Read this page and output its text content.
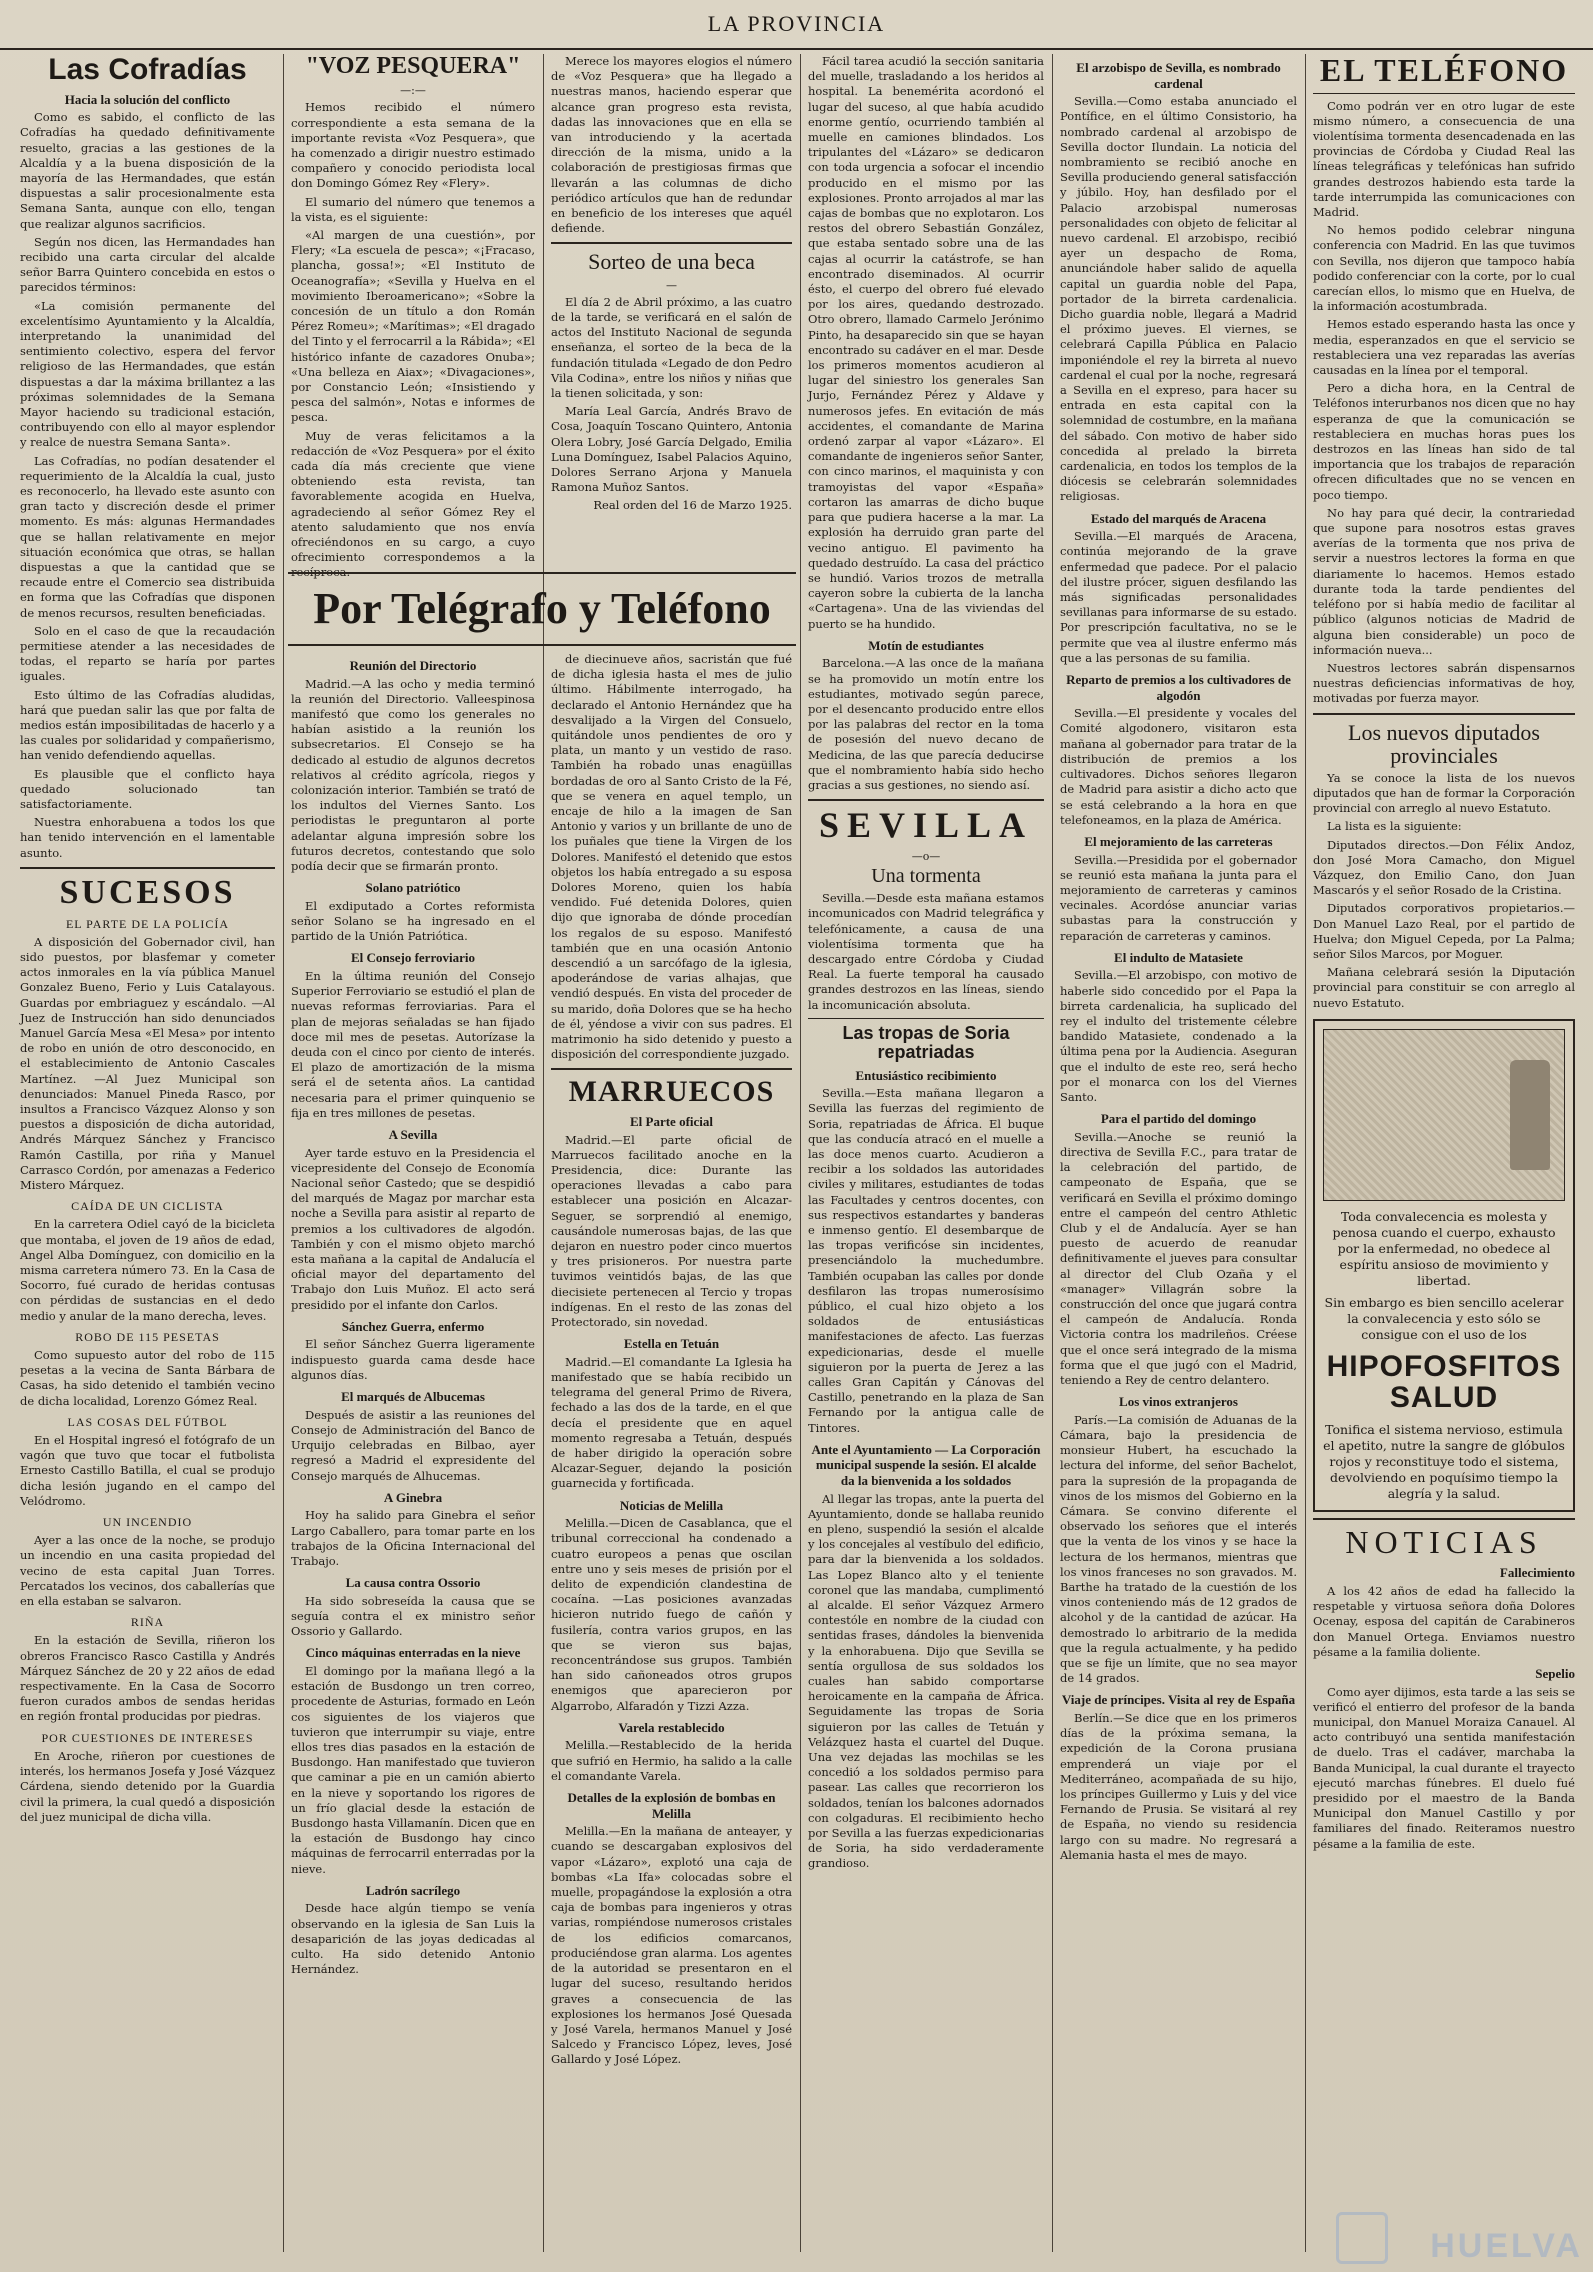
LA PROVINCIA
Las Cofradías
Hacia la solución del conflicto

Como es sabido, el conflicto de las Cofradías ha quedado definitivamente resuelto, gracias a las gestiones de la Alcaldía y a la buena disposición de la mayoría de las Hermandades, que están dispuestas a salir procesionalmente esta Semana Santa, aunque con ello, tengan que realizar algunos sacrificios.

Según nos dicen, las Hermandades han recibido una carta circular del alcalde señor Barra Quintero concebida en estos o parecidos términos:

«La comisión permanente del excelentísimo Ayuntamiento y la Alcaldía, interpretando la unanimidad del sentimiento colectivo, espera del fervor religioso de las Hermandades, que están dispuestas a dar la máxima brillantez a las próximas solemnidades de la Semana Mayor haciendo su tradicional estación, contribuyendo con ello al mayor esplendor y realce de nuestra Semana Santa».

Las Cofradías, no podían desatender el requerimiento de la Alcaldía la cual, justo es reconocerlo, ha llevado este asunto con gran tacto y discreción desde el primer momento. Es más: algunas Hermandades que se hallan relativamente en mejor situación económica que otras, se hallan dispuestas a que la cantidad que se recaude entre el Comercio sea distribuida en forma que las Cofradías que disponen de menos recursos, resulten beneficiadas.

Solo en el caso de que la recaudación permitiese atender a las necesidades de todas, el reparto se haría por partes iguales.

Esto último de las Cofradías aludidas, hará que puedan salir las que por falta de medios están imposibilitadas de hacerlo y a las cuales por solidaridad y compañerismo, han venido defendiendo aquellas.

Es plausible que el conflicto haya quedado solucionado tan satisfactoriamente.

Nuestra enhorabuena a todos los que han tenido intervención en el lamentable asunto.

SUCESOS
EL PARTE DE LA POLICÍA

A disposición del Gobernador civil, han sido puestos, por blasfemar y cometer actos inmorales en la vía pública Manuel Gonzalez Bueno, Ferio y Luis Catalayous. Guardas por embriaguez y escándalo. —Al Juez de Instrucción han sido denunciados Manuel García Mesa «El Mesa» por intento de robo en unión de otro desconocido, en el establecimiento de Antonio Cascales Martínez. —Al Juez Municipal son denunciados: Manuel Pineda Rasco, por insultos a Francisco Vázquez Alonso y son puestos a disposición de dicha autoridad, Andrés Márquez Sánchez y Francisco Ramón Castilla, por riña y Manuel Carrasco Cordón, por amenazas a Federico Mistero Márquez.

CAÍDA DE UN CICLISTA

En la carretera Odiel cayó de la bicicleta que montaba, el joven de 19 años de edad, Angel Alba Domínguez, con domicilio en la misma carretera número 73. En la Casa de Socorro, fué curado de heridas contusas con pérdidas de sustancias en el dedo medio y anular de la mano derecha, leves.

ROBO DE 115 PESETAS

Como supuesto autor del robo de 115 pesetas a la vecina de Santa Bárbara de Casas, ha sido detenido el también vecino de dicha localidad, Lorenzo Gómez Real.

LAS COSAS DEL FÚTBOL

En el Hospital ingresó el fotógrafo de un vagón que tuvo que tocar el futbolista Ernesto Castillo Batilla, el cual se produjo dicha lesión jugando en el campo del Velódromo.

UN INCENDIO

Ayer a las once de la noche, se produjo un incendio en una casita propiedad del vecino de esta capital Juan Torres. Percatados los vecinos, dos caballerías que en ella estaban se salvaron.

RIÑA

En la estación de Sevilla, riñeron los obreros Francisco Rasco Castilla y Andrés Márquez Sánchez de 20 y 22 años de edad respectivamente. En la Casa de Socorro fueron curados ambos de sendas heridas en región frontal producidas por piedras.

POR CUESTIONES DE INTERESES

En Aroche, riñeron por cuestiones de interés, los hermanos Josefa y José Vázquez Cárdena, siendo detenido por la Guardia civil la primera, la cual quedó a disposición del juez municipal de dicha villa.

"VOZ PESQUERA"
—:—

Hemos recibido el número correspondiente a esta semana de la importante revista «Voz Pesquera», que ha comenzado a dirigir nuestro estimado compañero y conocido periodista local don Domingo Gómez Rey «Flery».

El sumario del número que tenemos a la vista, es el siguiente:

«Al margen de una cuestión», por Flery; «La escuela de pesca»; «¡Fracaso, plancha, gossa!»; «El Instituto de Oceanografía»; «Sevilla y Huelva en el movimiento Iberoamericano»; «Sobre la concesión de un título a don Román Pérez Romeu»; «Marítimas»; «El dragado del Tinto y el ferrocarril a la Rábida»; «El histórico infante de cazadores Onuba»; «Una belleza en Aiax»; «Divagaciones», por Constancio León; «Insistiendo y pesca del salmón», Notas e informes de pesca.

Muy de veras felicitamos a la redacción de «Voz Pesquera» por el éxito cada día más creciente que viene obteniendo esta revista, tan favorablemente acogida en Huelva, agradeciendo al señor Gómez Rey el atento saludamiento que nos envía ofreciéndonos en su cargo, a cuyo ofrecimiento correspondemos a la recíproca.

Merece los mayores elogios el número de «Voz Pesquera» que ha llegado a nuestras manos, haciendo esperar que alcance gran progreso esta revista, dadas las innovaciones que en ella se van introduciendo y la acertada dirección de la misma, unido a la colaboración de prestigiosas firmas que llevarán a las columnas de dicho periódico artículos que han de redundar en beneficio de los intereses que aquél defiende.

Sorteo de una beca
—

El día 2 de Abril próximo, a las cuatro de la tarde, se verificará en el salón de actos del Instituto Nacional de segunda enseñanza, el sorteo de la beca de la fundación titulada «Legado de don Pedro Vila Codina», entre los niños y niñas que la tienen solicitada, y son:

María Leal García, Andrés Bravo de Cosa, Joaquín Toscano Quintero, Antonia Olera Lobry, José García Delgado, Emilia Luna Domínguez, Isabel Palacios Aquino, Dolores Serrano Arjona y Manuela Ramona Muñoz Santos.

Real orden del 16 de Marzo 1925.

Por Telégrafo y Teléfono
Reunión del Directorio

Madrid.—A las ocho y media terminó la reunión del Directorio. Valleespinosa manifestó que como los generales no habían asistido a la reunión los subsecretarios. El Consejo se ha dedicado al estudio de algunos decretos relativos al crédito agrícola, riegos y colonización interior. También se trató de los indultos del Viernes Santo. Los periodistas le preguntaron al porte adelantar alguna impresión sobre los futuros decretos, contestando que solo podía decir que se firmarán pronto.

Solano patriótico

El exdiputado a Cortes reformista señor Solano se ha ingresado en el partido de la Unión Patriótica.

El Consejo ferroviario

En la última reunión del Consejo Superior Ferroviario se estudió el plan de nuevas reformas ferroviarias. Para el plan de mejoras señaladas se han fijado doce mil mes de pesetas. Autorízase la deuda con el cinco por ciento de interés. El plazo de amortización de la misma será el de setenta años. La cantidad necesaria para el primer quinquenio se fija en tres millones de pesetas.

A Sevilla

Ayer tarde estuvo en la Presidencia el vicepresidente del Consejo de Economía Nacional señor Castedo; que se despidió del marqués de Magaz por marchar esta noche a Sevilla para asistir al reparto de premios a los cultivadores de algodón. También y con el mismo objeto marchó esta mañana a la capital de Andalucía el oficial mayor del departamento del Trabajo don Luis Muñoz. El acto será presidido por el infante don Carlos.

Sánchez Guerra, enfermo

El señor Sánchez Guerra ligeramente indispuesto guarda cama desde hace algunos días.

El marqués de Albucemas

Después de asistir a las reuniones del Consejo de Administración del Banco de Urquijo celebradas en Bilbao, ayer regresó a Madrid el expresidente del Consejo marqués de Alhucemas.

A Ginebra

Hoy ha salido para Ginebra el señor Largo Caballero, para tomar parte en los trabajos de la Oficina Internacional del Trabajo.

La causa contra Ossorio

Ha sido sobreseída la causa que se seguía contra el ex ministro señor Ossorio y Gallardo.

Cinco máquinas enterradas en la nieve

El domingo por la mañana llegó a la estación de Busdongo un tren correo, procedente de Asturias, formado en León cos siguientes de los viajeros que tuvieron que interrumpir su viaje, entre ellos tres dias pasados en la estación de Busdongo. Han manifestado que tuvieron que caminar a pie en un camión abierto en la nieve y soportando los rigores de un frío glacial desde la estación de Busdongo hasta Villamanín. Dicen que en la estación de Busdongo hay cinco máquinas de ferrocarril enterradas por la nieve.

Ladrón sacrílego

Desde hace algún tiempo se venía observando en la iglesia de San Luis la desaparición de las joyas dedicadas al culto. Ha sido detenido Antonio Hernández.

de diecinueve años, sacristán que fué de dicha iglesia hasta el mes de julio último. Hábilmente interrogado, ha declarado el Antonio Hernández que ha desvalijado a la Virgen del Consuelo, quitándole unos pendientes de oro y plata, un manto y un vestido de raso. También ha robado unas enagüillas bordadas de oro al Santo Cristo de la Fé, que se venera en aquel templo, un encaje de hilo a la imagen de San Antonio y varios y un brillante de uno de los puñales que tiene la Virgen de los Dolores. Manifestó el detenido que estos objetos los había entregado a su esposa Dolores Moreno, quien los había vendido. Fué detenida Dolores, quien dijo que ignoraba de dónde procedían los regalos de su esposo. Manifestó también que en una ocasión Antonio descendió a un sarcófago de la iglesia, apoderándose de varias alhajas, que vendió después. En vista del proceder de su marido, doña Dolores que se ha hecho de él, yéndose a vivir con sus padres. El matrimonio ha sido detenido y puesto a disposición del correspondiente juzgado.

MARRUECOS
El Parte oficial

Madrid.—El parte oficial de Marruecos facilitado anoche en la Presidencia, dice: Durante las operaciones llevadas a cabo para establecer una posición en Alcazar-Seguer, se sorprendió al enemigo, causándole numerosas bajas, de las que dejaron en nuestro poder cinco muertos y tres prisioneros. Por nuestra parte tuvimos veintidós bajas, de las que diecisiete pertenecen al Tercio y tropas indígenas. En el resto de las zonas del Protectorado, sin novedad.

Estella en Tetuán

Madrid.—El comandante La Iglesia ha manifestado que se había recibido un telegrama del general Primo de Rivera, fechado a las dos de la tarde, en el que decía el presidente que en aquel momento regresaba a Tetuán, después de haber dirigido la operación sobre Alcazar-Seguer, dejando la posición guarnecida y fortificada.

Noticias de Melilla

Melilla.—Dicen de Casablanca, que el tribunal correccional ha condenado a cuatro europeos a penas que oscilan entre uno y seis meses de prisión por el delito de expendición clandestina de cocaína. —Las posiciones avanzadas hicieron nutrido fuego de cañón y fusilería, contra varios grupos, en las que se vieron sus bajas, reconcentrándose sus grupos. También han sido cañoneados otros grupos enemigos que aparecieron por Algarrobo, Alfaradón y Tizzi Azza.

Varela restablecido

Melilla.—Restablecido de la herida que sufrió en Hermio, ha salido a la calle el comandante Varela.

Detalles de la explosión de bombas en Melilla

Melilla.—En la mañana de anteayer, y cuando se descargaban explosivos del vapor «Lázaro», explotó una caja de bombas «La Ifa» colocadas sobre el muelle, propagándose la explosión a otra caja de bombas para ingenieros y otras varias, rompiéndose numerosos cristales de los edificios comarcanos, produciéndose gran alarma. Los agentes de la autoridad se presentaron en el lugar del suceso, resultando heridos graves a consecuencia de las explosiones los hermanos José Quesada y José Varela, hermanos Manuel y José Salcedo y Francisco López, leves, José Gallardo y José López.

Fácil tarea acudió la sección sanitaria del muelle, trasladando a los heridos al hospital. La benemérita acordonó el lugar del suceso, al que había acudido enorme gentío, ocurriendo también al muelle en camiones blindados. Los tripulantes del «Lázaro» se dedicaron con toda urgencia a sofocar el incendio producido en el mismo por las explosiones. Pronto arrojados al mar las cajas de bombas que no explotaron. Los restos del obrero Sebastián González, que estaba sentado sobre una de las cajas al ocurrir la catástrofe, se han encontrado diseminados. Al ocurrir ésto, el cuerpo del obrero fué elevado por los aires, quedando destrozado. Otro obrero, llamado Carmelo Jerónimo Pinto, ha desaparecido sin que se hayan encontrado su cadáver en el mar. Desde los primeros momentos acudieron al lugar del siniestro los generales San Jurjo, Fernández Pérez y Aldave y numerosos jefes. En evitación de más accidentes, el comandante de Marina ordenó zarpar al vapor «Lázaro». El comandante de ingenieros señor Santer, con cinco marinos, el maquinista y con tramoyistas del vapor «España» cortaron las amarras de dicho buque para que pudiera hacerse a la mar. La explosión ha derruido gran parte del vecino antiguo. El pavimento ha quedado destruído. La casa del práctico se hundió. Varios trozos de metralla cayeron sobre la cubierta de la lancha «Cartagena». Una de las viviendas del puerto se ha hundido.

Motín de estudiantes

Barcelona.—A las once de la mañana se ha promovido un motín entre los estudiantes, motivado según parece, por el desencanto producido entre ellos por las palabras del rector en la toma de posesión del nuevo decano de Medicina, de las que parecía deducirse que el nombramiento había sido hecho gracias a sus gestiones, no siendo así.

SEVILLA
—o—
Una tormenta

Sevilla.—Desde esta mañana estamos incomunicados con Madrid telegráfica y telefónicamente, a causa de una violentísima tormenta que ha descargado entre Córdoba y Ciudad Real. La fuerte temporal ha causado grandes destrozos en las líneas, siendo la incomunicación absoluta.

Las tropas de Soria repatriadas
Entusiástico recibimiento

Sevilla.—Esta mañana llegaron a Sevilla las fuerzas del regimiento de Soria, repatriadas de África. El buque que las conducía atracó en el muelle a las doce menos cuarto. Acudieron a recibir a los soldados las autoridades civiles y militares, estudiantes de todas las Facultades y centros docentes, con sus respectivos estandartes y banderas e inmenso gentío. El desembarque de las tropas verificóse sin incidentes, presenciándolo la muchedumbre. También ocupaban las calles por donde desfilaron las tropas numerosísimo público, el cual hizo objeto a los soldados de entusiásticas manifestaciones de afecto. Las fuerzas expedicionarias, desde el muelle siguieron por la puerta de Jerez a las calles Gran Capitán y Cánovas del Castillo, penetrando en la plaza de San Fernando por la antigua calle de Tintores.

Ante el Ayuntamiento — La Corporación municipal suspende la sesión. El alcalde da la bienvenida a los soldados

Al llegar las tropas, ante la puerta del Ayuntamiento, donde se hallaba reunido en pleno, suspendió la sesión el alcalde y los concejales al vestíbulo del edificio, para dar la bienvenida a los soldados. Las Lopez Blanco alto y el teniente coronel que las mandaba, cumplimentó al alcalde. El señor Vázquez Armero contestóle en nombre de la ciudad con sentidas frases, dándoles la bienvenida y la enhorabuena. Dijo que Sevilla se sentía orgullosa de sus soldados los cuales han sabido comportarse heroicamente en la campaña de África. Seguidamente las tropas de Soria siguieron por las calles de Tetuán y Velázquez hasta el cuartel del Duque. Una vez dejadas las mochilas se les concedió a los soldados permiso para pasear. Las calles que recorrieron los soldados, tenían los balcones adornados con colgaduras. El recibimiento hecho por Sevilla a las fuerzas expedicionarias de Soria, ha sido verdaderamente grandioso.

El arzobispo de Sevilla, es nombrado cardenal

Sevilla.—Como estaba anunciado el Pontífice, en el último Consistorio, ha nombrado cardenal al arzobispo de Sevilla doctor Ilundain. La noticia del nombramiento se recibió anoche en Sevilla produciendo general satisfacción y júbilo. Hoy, han desfilado por el Palacio arzobispal numerosas personalidades con objeto de felicitar al nuevo cardenal. El arzobispo, recibió ayer un despacho de Roma, anunciándole haber salido de aquella capital un guardia noble del Papa, portador de la birreta cardenalicia. Dicho guardia noble, llegará a Madrid el próximo jueves. El viernes, se celebrará Capilla Pública en Palacio imponiéndole el rey la birreta al nuevo cardenal el cual por la noche, regresará a Sevilla en el expreso, para hacer su entrada en esta capital con la solemnidad de costumbre, en la mañana del sábado. Con motivo de haber sido concedida al prelado la birreta cardenalicia, en todos los templos de la diócesis se celebrarán solemnidades religiosas.

Estado del marqués de Aracena

Sevilla.—El marqués de Aracena, continúa mejorando de la grave enfermedad que padece. Por el palacio del ilustre prócer, siguen desfilando las más significadas personalidades sevillanas para informarse de su estado. Por prescripción facultativa, no se le permite que vea al ilustre enfermo más que a las personas de su familia.

Reparto de premios a los cultivadores de algodón

Sevilla.—El presidente y vocales del Comité algodonero, visitaron esta mañana al gobernador para tratar de la distribución de premios a los cultivadores. Dichos señores llegaron de Madrid para asistir a dicho acto que se está celebrando a la hora en que telefoneamos, en la plaza de América.

El mejoramiento de las carreteras

Sevilla.—Presidida por el gobernador se reunió esta mañana la junta para el mejoramiento de carreteras y caminos vecinales. Acordóse anunciar varias subastas para la construcción y reparación de carreteras y caminos.

El indulto de Matasiete

Sevilla.—El arzobispo, con motivo de haberle sido concedido por el Papa la birreta cardenalicia, ha suplicado del rey el indulto del tristemente célebre bandido Matasiete, condenado a la última pena por la Audiencia. Aseguran que el indulto de este reo, será hecho por el monarca con los del Viernes Santo.

Para el partido del domingo

Sevilla.—Anoche se reunió la directiva de Sevilla F.C., para tratar de la celebración del partido, de campeonato de España, que se verificará en Sevilla el próximo domingo entre el campeón del centro Athletic Club y el de Andalucía. Ayer se han puesto de acuerdo de reanudar definitivamente el jueves para consultar al director del Club Ozaña y el «manager» Villagrán sobre la construcción del once que jugará contra el campeón de Andalucía. Ronda Victoria contra los madrileños. Créese que el once será integrado de la misma forma que el que jugó con el Madrid, teniendo a Rey de centro delantero.

Los vinos extranjeros

París.—La comisión de Aduanas de la Cámara, bajo la presidencia de monsieur Hubert, ha escuchado la lectura del informe, del señor Bachelot, para la supresión de la propaganda de vinos de los mismos del Gobierno en la Cámara. Se convino diferente el observado los señores que el interés que la venta de los vinos y se hace la lectura de los hermanos, mientras que los vinos franceses no son gravados. M. Barthe ha tratado de la cuestión de los vinos conteniendo más de 12 grados de alcohol y de la cantidad de azúcar. Ha demostrado lo arbitrario de la medida que la regula actualmente, y ha pedido que se fije un límite, que no sea mayor de 14 grados.

Viaje de príncipes. Visita al rey de España

Berlín.—Se dice que en los primeros días de la próxima semana, la expedición de la Corona prusiana emprenderá un viaje por el Mediterráneo, acompañada de su hijo, los príncipes Guillermo y Luis y del vice Fernando de Prusia. Se visitará al rey de España, no viendo su residencia largo con su madre. No regresará a Alemania hasta el mes de mayo.

EL TELÉFONO

Como podrán ver en otro lugar de este mismo número, a consecuencia de una violentísima tormenta desencadenada en las provincias de Córdoba y Ciudad Real las líneas telegráficas y telefónicas han sufrido grandes destrozos habiendo esta tarde la tarde interrumpida las comunicaciones con Madrid.

No hemos podido celebrar ninguna conferencia con Madrid. En las que tuvimos con Sevilla, nos dijeron que tampoco había podido conferenciar con la corte, por lo cual carecían ellos, lo mismo que en Huelva, de la información acostumbrada.

Hemos estado esperando hasta las once y media, esperanzados en que el servicio se restableciera una vez reparadas las averías causadas en la línea por el temporal.

Pero a dicha hora, en la Central de Teléfonos interurbanos nos dicen que no hay esperanza de que la comunicación se restableciera en muchas horas pues los destrozos en las líneas han sido de tal importancia que los trabajos de reparación ofrecen dificultades que no se vencen en poco tiempo.

No hay para qué decir, la contrariedad que supone para nosotros estas graves averías de la tormenta que nos priva de servir a nuestros lectores la forma en que diariamente lo hacemos. Hemos estado durante toda la tarde pendientes del teléfono por si había medio de facilitar al público (algunos noticias de Madrid de alguna bien considerable) un poco de información nueva...

Nuestros lectores sabrán dispensarnos nuestras deficiencias informativas de hoy, motivadas por fuerza mayor.

Los nuevos diputados provinciales

Ya se conoce la lista de los nuevos diputados que han de formar la Corporación provincial con arreglo al nuevo Estatuto.

La lista es la siguiente:

Diputados directos.—Don Félix Andoz, don José Mora Camacho, don Miguel Vázquez, don Emilio Cano, don Juan Mascarós y el señor Rosado de la Cristina.

Diputados corporativos propietarios.—Don Manuel Lazo Real, por el partido de Huelva; don Miguel Cepeda, por La Palma; señor Silos Marcos, por Moguer.

Mañana celebrará sesión la Diputación provincial para constituir se con arreglo al nuevo Estatuto.

Toda convalecencia es molesta y penosa cuando el cuerpo, exhausto por la enfermedad, no obedece al espíritu ansioso de movimiento y libertad.
Sin embargo es bien sencillo acelerar la convalecencia y esto sólo se consigue con el uso de los
HIPOFOSFITOS SALUD
Tonifica el sistema nervioso, estimula el apetito, nutre la sangre de glóbulos rojos y reconstituye todo el sistema, devolviendo en poquísimo tiempo la alegría y la salud.
NOTICIAS
Fallecimiento

A los 42 años de edad ha fallecido la respetable y virtuosa señora doña Dolores Ocenay, esposa del capitán de Carabineros don Manuel Ortega. Enviamos nuestro pésame a la familia doliente.

Sepelio

Como ayer dijimos, esta tarde a las seis se verificó el entierro del profesor de la banda municipal, don Manuel Moraiza Canauel. Al acto contribuyó una sentida manifestación de duelo. Tras el cadáver, marchaba la Banda Municipal, la cual durante el trayecto ejecutó marchas fúnebres. El duelo fué presidido por el maestro de la Banda Municipal don Manuel Castillo y por familiares del finado. Reiteramos nuestro pésame a la familia de este.

HUELVA
